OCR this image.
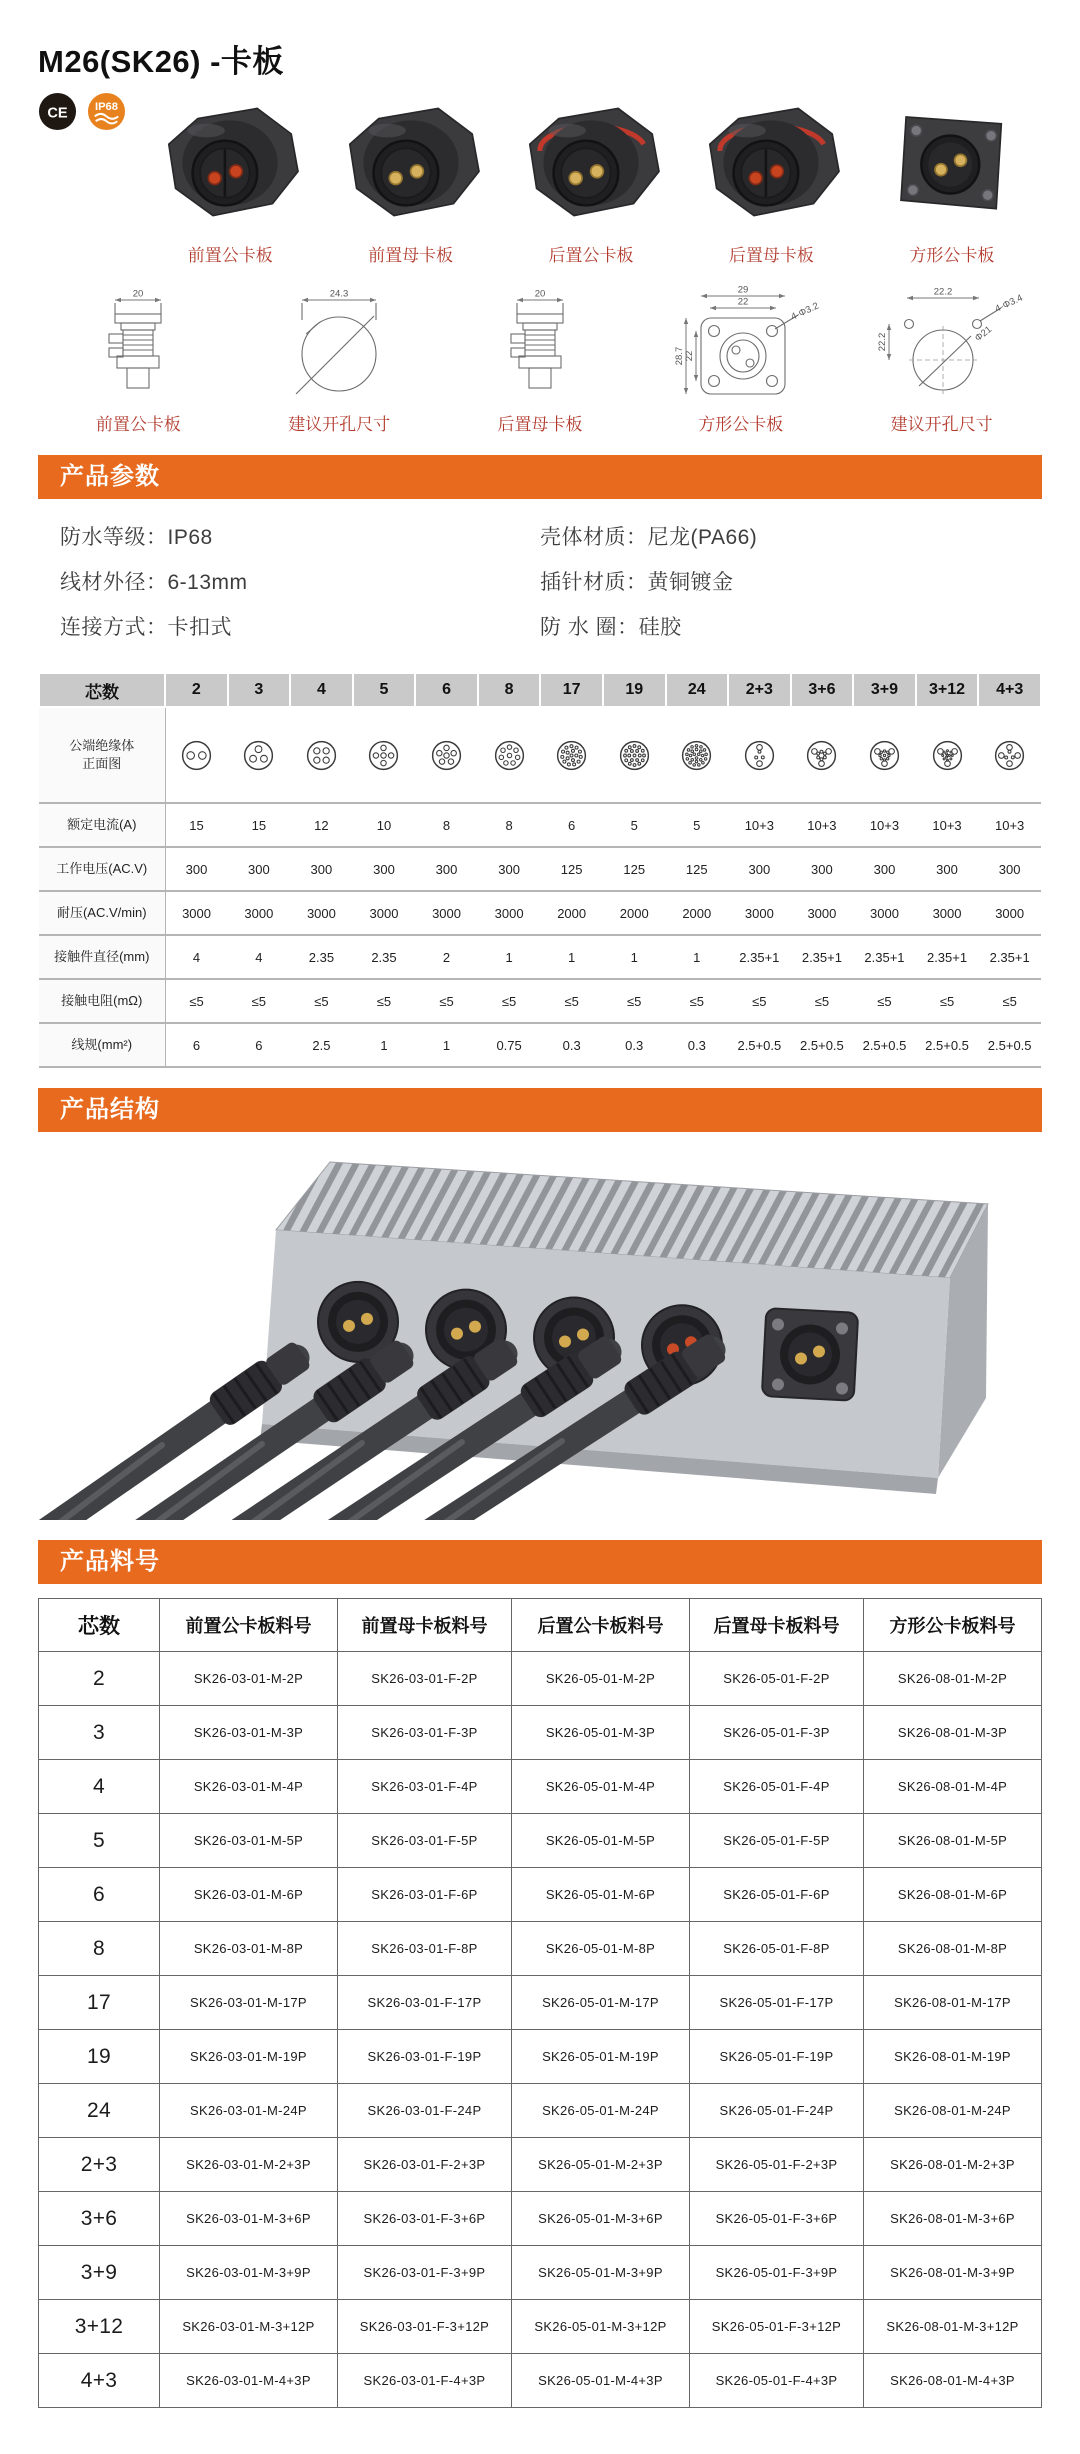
M26(SK26) -卡板
CE IP68
前置公卡板	前置母卡板	后置公卡板	后置母卡板	方形公卡板
20
前置公卡板
24.3
建议开孔尺寸
20
后置母卡板
29
22	4-Φ3.2
28.7 22
方形公卡板
22.2
4-Φ3.4
Φ21
22.2
建议开孔尺寸
产品参数
防水等级：IP68
线材外径：6-13mm
连接方式：卡扣式
壳体材质：尼龙(PA66)
插针材质：黄铜镀金
防 水 圈：硅胶
芯数	2	3	4	5	6	8	17	19	24	2+3	3+6	3+9	3+12	4+3
公端绝缘体
正面图														
额定电流(A)	15	15	12	10	8	8	6	5	5	10+3	10+3	10+3	10+3	10+3
工作电压(AC.V)	300	300	300	300	300	300	125	125	125	300	300	300	300	300
耐压(AC.V/min)	3000	3000	3000	3000	3000	3000	2000	2000	2000	3000	3000	3000	3000	3000
接触件直径(mm)	4	4	2.35	2.35	2	1	1	1	1	2.35+1	2.35+1	2.35+1	2.35+1	2.35+1
接触电阻(mΩ)	≤5	≤5	≤5	≤5	≤5	≤5	≤5	≤5	≤5	≤5	≤5	≤5	≤5	≤5
线规(mm²)	6	6	2.5	1	1	0.75	0.3	0.3	0.3	2.5+0.5	2.5+0.5	2.5+0.5	2.5+0.5	2.5+0.5
产品结构
产品料号
芯数	前置公卡板料号	前置母卡板料号	后置公卡板料号	后置母卡板料号	方形公卡板料号
2	SK26-03-01-M-2P	SK26-03-01-F-2P	SK26-05-01-M-2P	SK26-05-01-F-2P	SK26-08-01-M-2P
3	SK26-03-01-M-3P	SK26-03-01-F-3P	SK26-05-01-M-3P	SK26-05-01-F-3P	SK26-08-01-M-3P
4	SK26-03-01-M-4P	SK26-03-01-F-4P	SK26-05-01-M-4P	SK26-05-01-F-4P	SK26-08-01-M-4P
5	SK26-03-01-M-5P	SK26-03-01-F-5P	SK26-05-01-M-5P	SK26-05-01-F-5P	SK26-08-01-M-5P
6	SK26-03-01-M-6P	SK26-03-01-F-6P	SK26-05-01-M-6P	SK26-05-01-F-6P	SK26-08-01-M-6P
8	SK26-03-01-M-8P	SK26-03-01-F-8P	SK26-05-01-M-8P	SK26-05-01-F-8P	SK26-08-01-M-8P
17	SK26-03-01-M-17P	SK26-03-01-F-17P	SK26-05-01-M-17P	SK26-05-01-F-17P	SK26-08-01-M-17P
19	SK26-03-01-M-19P	SK26-03-01-F-19P	SK26-05-01-M-19P	SK26-05-01-F-19P	SK26-08-01-M-19P
24	SK26-03-01-M-24P	SK26-03-01-F-24P	SK26-05-01-M-24P	SK26-05-01-F-24P	SK26-08-01-M-24P
2+3	SK26-03-01-M-2+3P	SK26-03-01-F-2+3P	SK26-05-01-M-2+3P	SK26-05-01-F-2+3P	SK26-08-01-M-2+3P
3+6	SK26-03-01-M-3+6P	SK26-03-01-F-3+6P	SK26-05-01-M-3+6P	SK26-05-01-F-3+6P	SK26-08-01-M-3+6P
3+9	SK26-03-01-M-3+9P	SK26-03-01-F-3+9P	SK26-05-01-M-3+9P	SK26-05-01-F-3+9P	SK26-08-01-M-3+9P
3+12	SK26-03-01-M-3+12P	SK26-03-01-F-3+12P	SK26-05-01-M-3+12P	SK26-05-01-F-3+12P	SK26-08-01-M-3+12P
4+3	SK26-03-01-M-4+3P	SK26-03-01-F-4+3P	SK26-05-01-M-4+3P	SK26-05-01-F-4+3P	SK26-08-01-M-4+3P
